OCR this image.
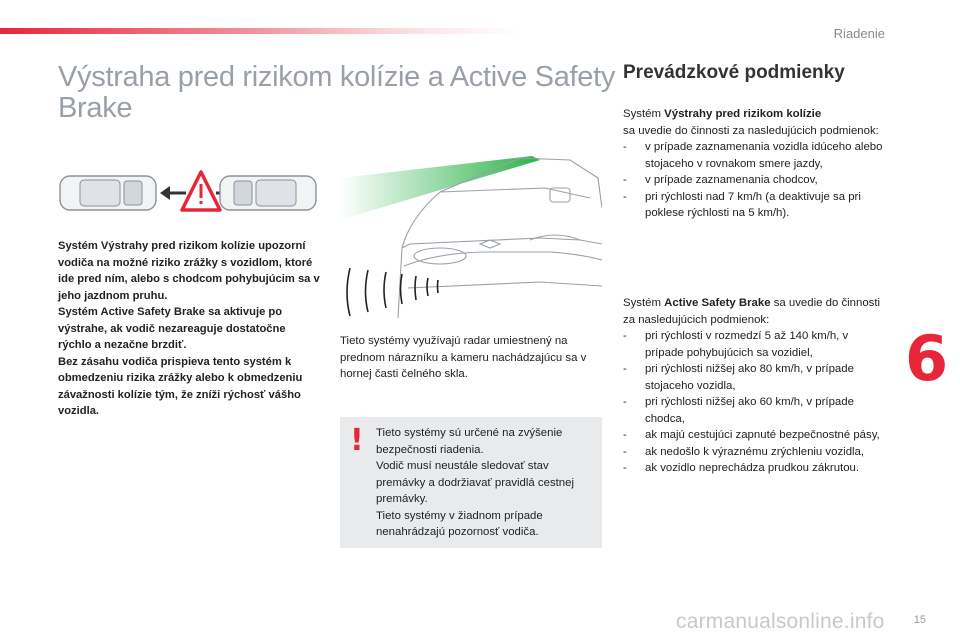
Riadenie
Výstraha pred rizikom kolízie a Active Safety Brake

Systém Výstrahy pred rizikom kolízie upozorní vodiča na možné riziko zrážky s vozidlom, ktoré ide pred ním, alebo s chodcom pohybujúcim sa v jeho jazdnom pruhu.

Systém Active Safety Brake sa aktivuje po výstrahe, ak vodič nezareaguje dostatočne rýchlo a nezačne brzdiť.

Bez zásahu vodiča prispieva tento systém k obmedzeniu rizika zrážky alebo k obmedzeniu závažnosti kolízie tým, že zníži rýchosť vášho vozidla.

Tieto systémy využívajú radar umiestnený na prednom nárazníku a kameru nachádzajúcu sa v hornej časti čelného skla.

! Tieto systémy sú určené na zvýšenie bezpečnosti riadenia.

Vodič musí neustále sledovať stav premávky a dodržiavať pravidlá cestnej premávky.

Tieto systémy v žiadnom prípade nenahrádzajú pozornosť vodiča.

Prevádzkové podmienky

Systém Výstrahy pred rizikom kolízie
sa uvedie do činnosti za nasledujúcich podmienok:

-	v prípade zaznamenania vozidla idúceho alebo stojaceho v rovnakom smere jazdy,
-	v prípade zaznamenania chodcov,
-	pri rýchlosti nad 7 km/h (a deaktivuje sa pri poklese rýchlosti na 5 km/h).

Systém Active Safety Brake sa uvedie do činnosti za nasledujúcich podmienok:

-	pri rýchlosti v rozmedzí 5 až 140 km/h, v prípade pohybujúcich sa vozidiel,
-	pri rýchlosti nižšej ako 80 km/h, v prípade stojaceho vozidla,
-	pri rýchlosti nižšej ako 60 km/h, v prípade chodca,
-	ak majú cestujúci zapnuté bezpečnostné pásy,
-	ak nedošlo k výraznému zrýchleniu vozidla,
-	ak vozidlo neprechádza prudkou zákrutou.
6
carmanualsonline.info	15
